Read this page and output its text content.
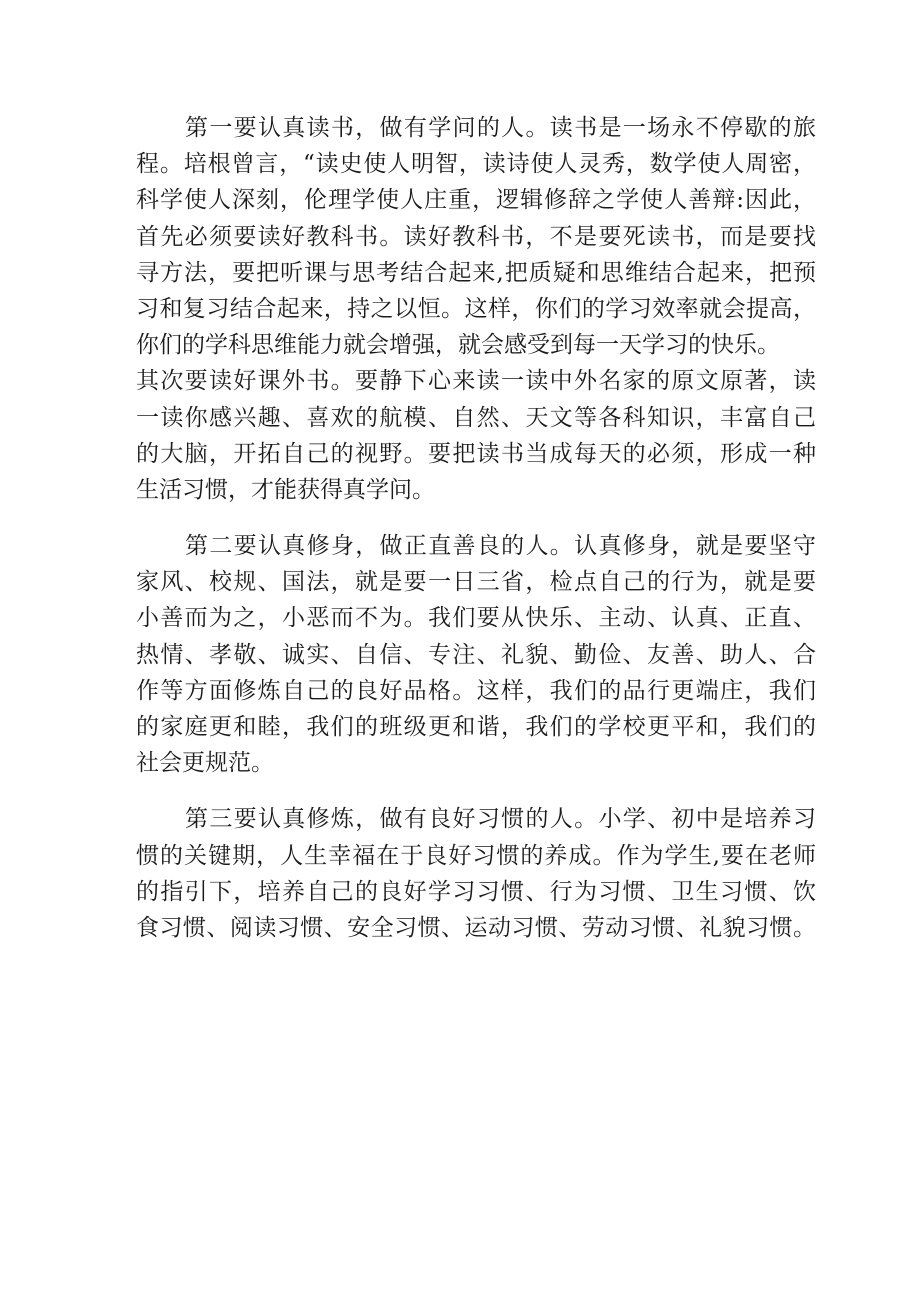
第一要认真读书，做有学问的人。读书是一场永不停歇的旅
程。培根曾言，“读史使人明智，读诗使人灵秀，数学使人周密，
科学使人深刻，伦理学使人庄重，逻辑修辞之学使人善辩:因此，
首先必须要读好教科书。读好教科书，不是要死读书，而是要找
寻方法，要把听课与思考结合起来,把质疑和思维结合起来，把预
习和复习结合起来，持之以恒。这样，你们的学习效率就会提高，
你们的学科思维能力就会增强，就会感受到每一天学习的快乐。
其次要读好课外书。要静下心来读一读中外名家的原文原著，读
一读你感兴趣、喜欢的航模、自然、天文等各科知识，丰富自己
的大脑，开拓自己的视野。要把读书当成每天的必须，形成一种
生活习惯，才能获得真学问。
第二要认真修身，做正直善良的人。认真修身，就是要坚守
家风、校规、国法，就是要一日三省，检点自己的行为，就是要
小善而为之，小恶而不为。我们要从快乐、主动、认真、正直、
热情、孝敬、诚实、自信、专注、礼貌、勤俭、友善、助人、合
作等方面修炼自己的良好品格。这样，我们的品行更端庄，我们
的家庭更和睦，我们的班级更和谐，我们的学校更平和，我们的
社会更规范。
第三要认真修炼，做有良好习惯的人。小学、初中是培养习
惯的关键期，人生幸福在于良好习惯的养成。作为学生,要在老师
的指引下，培养自己的良好学习习惯、行为习惯、卫生习惯、饮
食习惯、阅读习惯、安全习惯、运动习惯、劳动习惯、礼貌习惯。
